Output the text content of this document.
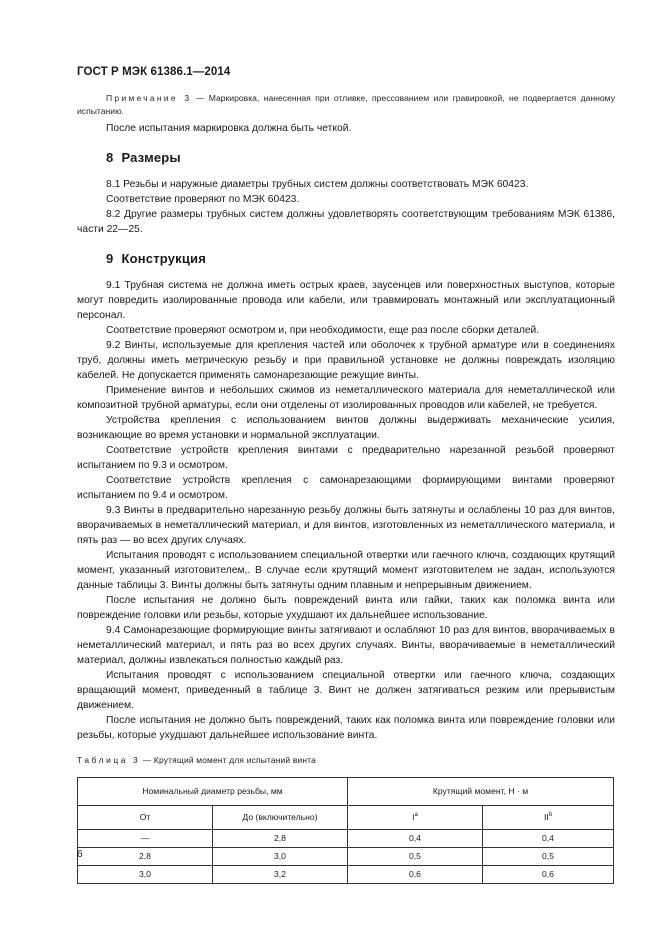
ГОСТ Р МЭК 61386.1—2014

Примечание 3 — Маркировка, нанесенная при отливке, прессованием или гравировкой, не подвергается данному испытанию.

После испытания маркировка должна быть четкой.

8 Размеры

8.1 Резьбы и наружные диаметры трубных систем должны соответствовать МЭК 60423.

Соответствие проверяют по МЭК 60423.

8.2 Другие размеры трубных систем должны удовлетворять соответствующим требованиям МЭК 61386, части 22—25.

9 Конструкция

9.1 Трубная система не должна иметь острых краев, заусенцев или поверхностных выступов, которые могут повредить изолированные провода или кабели, или травмировать монтажный или эксплуатационный персонал.

Соответствие проверяют осмотром и, при необходимости, еще раз после сборки деталей.

9.2 Винты, используемые для крепления частей или оболочек к трубной арматуре или в соединениях труб, должны иметь метрическую резьбу и при правильной установке не должны повреждать изоляцию кабелей. Не допускается применять самонарезающие режущие винты.

Применение винтов и небольших сжимов из неметаллического материала для неметаллической или композитной трубной арматуры, если они отделены от изолированных проводов или кабелей, не требуется.

Устройства крепления с использованием винтов должны выдерживать механические усилия, возникающие во время установки и нормальной эксплуатации.

Соответствие устройств крепления винтами с предварительно нарезанной резьбой проверяют испытанием по 9.3 и осмотром.

Соответствие устройств крепления с самонарезающими формирующими винтами проверяют испытанием по 9.4 и осмотром.

9.3 Винты в предварительно нарезанную резьбу должны быть затянуты и ослаблены 10 раз для винтов, вворачиваемых в неметаллический материал, и для винтов, изготовленных из неметаллического материала, и пять раз — во всех других случаях.

Испытания проводят с использованием специальной отвертки или гаечного ключа, создающих крутящий момент, указанный изготовителем,. В случае если крутящий момент изготовителем не задан, используются данные таблицы 3. Винты должны быть затянуты одним плавным и непрерывным движением.

После испытания не должно быть повреждений винта или гайки, таких как поломка винта или повреждение головки или резьбы, которые ухудшают их дальнейшее использование.

9.4 Самонарезающие формирующие винты затягивают и ослабляют 10 раз для винтов, вворачиваемых в неметаллический материал, и пять раз во всех других случаях. Винты, вворачиваемые в неметаллический материал, должны извлекаться полностью каждый раз.

Испытания проводят с использованием специальной отвертки или гаечного ключа, создающих вращающий момент, приведенный в таблице 3. Винт не должен затягиваться резким или прерывистым движением.

После испытания не должно быть повреждений, таких как поломка винта или повреждение головки или резьбы, которые ухудшают дальнейшее использование винта.

Таблица 3 — Крутящий момент для испытаний винта
Номинальный диаметр резьбы, мм		Крутящий момент, Н · м	
От	До (включительно)	$I^а$	$II^b$
—	2,8	0,4	0,4
2,8	3,0	0,5	0,5
3,0	3,2	0,6	0,6
6
